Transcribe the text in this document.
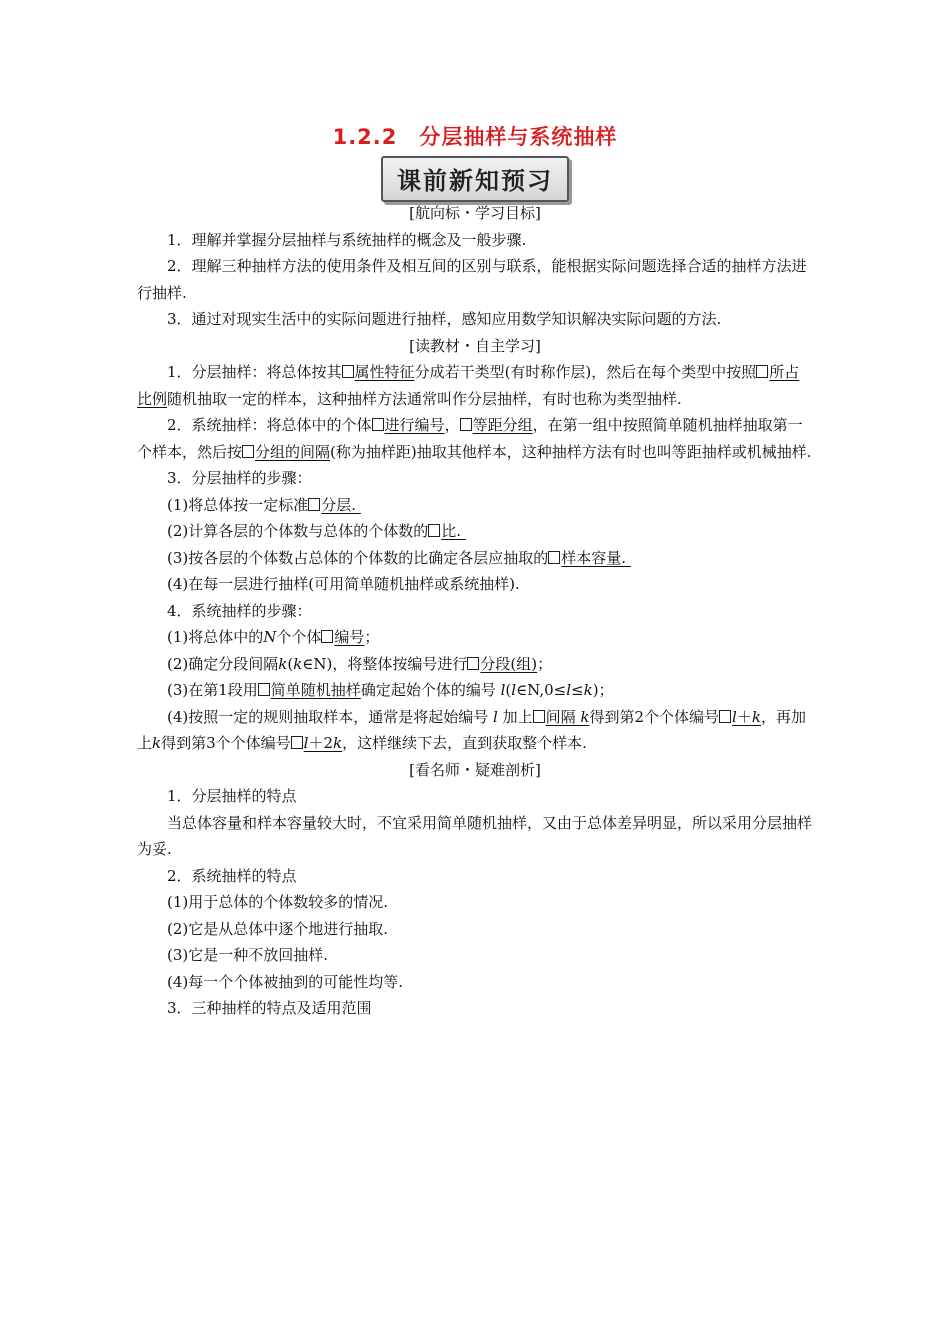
1.2.2　分层抽样与系统抽样
课前新知预习

[航向标・学习目标]

1．理解并掌握分层抽样与系统抽样的概念及一般步骤.

2．理解三种抽样方法的使用条件及相互间的区别与联系，能根据实际问题选择合适的抽样方法进行抽样.

3．通过对现实生活中的实际问题进行抽样，感知应用数学知识解决实际问题的方法.

[读教材・自主学习]

1．分层抽样：将总体按其 属性特征分成若干类型(有时称作层)，然后在每个类型中按照 所占比例随机抽取一定的样本，这种抽样方法通常叫作分层抽样，有时也称为类型抽样.

2．系统抽样：将总体中的个体 进行编号， 等距分组，在第一组中按照简单随机抽样抽取第一个样本，然后按 分组的间隔(称为抽样距)抽取其他样本，这种抽样方法有时也叫等距抽样或机械抽样.

3．分层抽样的步骤：

(1)将总体按一定标准 分层.

(2)计算各层的个体数与总体的个体数的 比.

(3)按各层的个体数占总体的个体数的比确定各层应抽取的 样本容量.

(4)在每一层进行抽样(可用简单随机抽样或系统抽样).

4．系统抽样的步骤：

(1)将总体中的N个个体 编号；

(2)确定分段间隔k(k∈N)，将整体按编号进行 分段(组)；

(3)在第1段用 简单随机抽样确定起始个体的编号 l(l∈N,0≤l≤k)；

(4)按照一定的规则抽取样本，通常是将起始编号 l 加上 间隔 k得到第2个个体编号 l＋k，再加上k得到第3个个体编号 l＋2k，这样继续下去，直到获取整个样本.

[看名师・疑难剖析]

1．分层抽样的特点

当总体容量和样本容量较大时，不宜采用简单随机抽样，又由于总体差异明显，所以采用分层抽样为妥.

2．系统抽样的特点

(1)用于总体的个体数较多的情况.

(2)它是从总体中逐个地进行抽取.

(3)它是一种不放回抽样.

(4)每一个个体被抽到的可能性均等.

3．三种抽样的特点及适用范围
